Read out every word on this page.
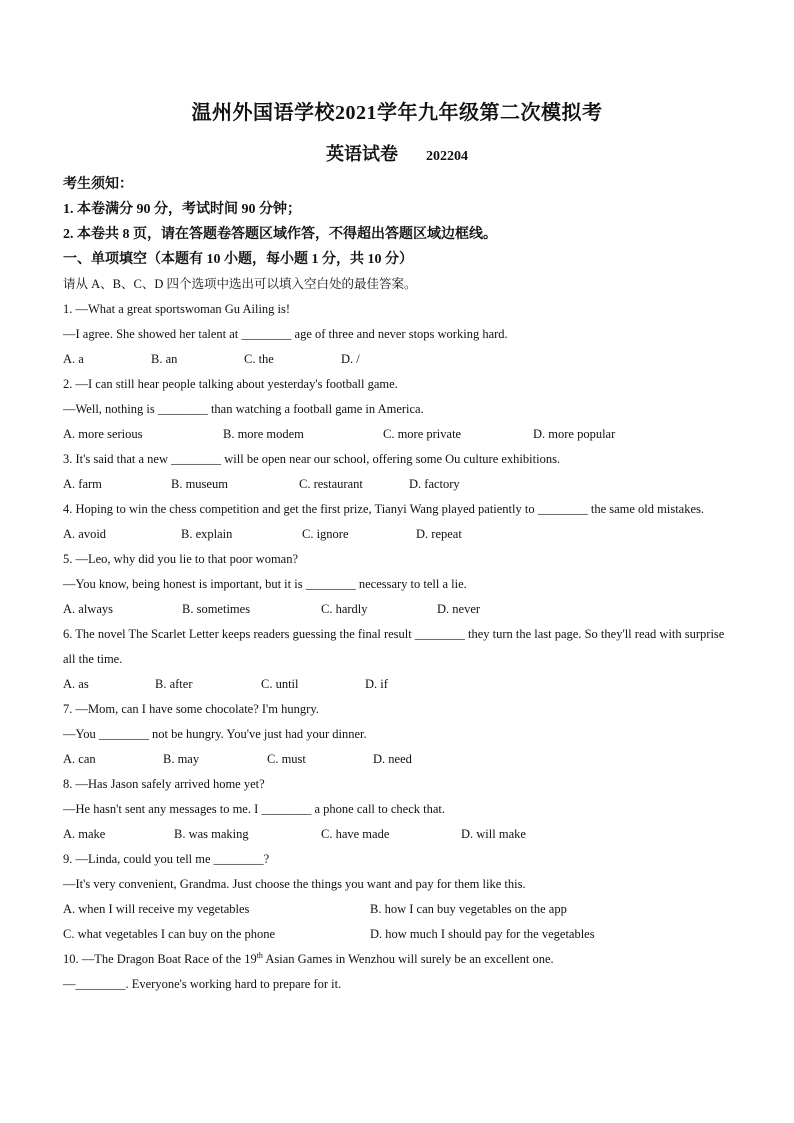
温州外国语学校2021学年九年级第二次模拟考
英语试卷 202204
考生须知：
1. 本卷满分 90 分，考试时间 90 分钟；
2. 本卷共 8 页，请在答题卷答题区域作答，不得超出答题区域边框线。
一、单项填空（本题有 10 小题，每小题 1 分，共 10 分）
请从 A、B、C、D 四个选项中选出可以填入空白处的最佳答案。
1. —What a great sportswoman Gu Ailing is!
—I agree. She showed her talent at ________ age of three and never stops working hard.
A. a	B. an	C. the	D. /
2. —I can still hear people talking about yesterday's football game.
—Well, nothing is ________ than watching a football game in America.
A. more serious	B. more modem	C. more private	D. more popular
3. It's said that a new ________ will be open near our school, offering some Ou culture exhibitions.
A. farm	B. museum	C. restaurant	D. factory
4. Hoping to win the chess competition and get the first prize, Tianyi Wang played patiently to ________ the same old mistakes.
A. avoid	B. explain	C. ignore	D. repeat
5. —Leo, why did you lie to that poor woman?
—You know, being honest is important, but it is ________ necessary to tell a lie.
A. always	B. sometimes	C. hardly	D. never
6. The novel The Scarlet Letter keeps readers guessing the final result ________ they turn the last page. So they'll read with surprise all the time.
A. as	B. after	C. until	D. if
7. —Mom, can I have some chocolate? I'm hungry.
—You ________ not be hungry. You've just had your dinner.
A. can	B. may	C. must	D. need
8. —Has Jason safely arrived home yet?
—He hasn't sent any messages to me. I ________ a phone call to check that.
A. make	B. was making	C. have made	D. will make
9. —Linda, could you tell me ________?
—It's very convenient, Grandma. Just choose the things you want and pay for them like this.
A. when I will receive my vegetables	B. how I can buy vegetables on the app
C. what vegetables I can buy on the phone	D. how much I should pay for the vegetables
10. —The Dragon Boat Race of the 19th Asian Games in Wenzhou will surely be an excellent one.
—________. Everyone's working hard to prepare for it.
